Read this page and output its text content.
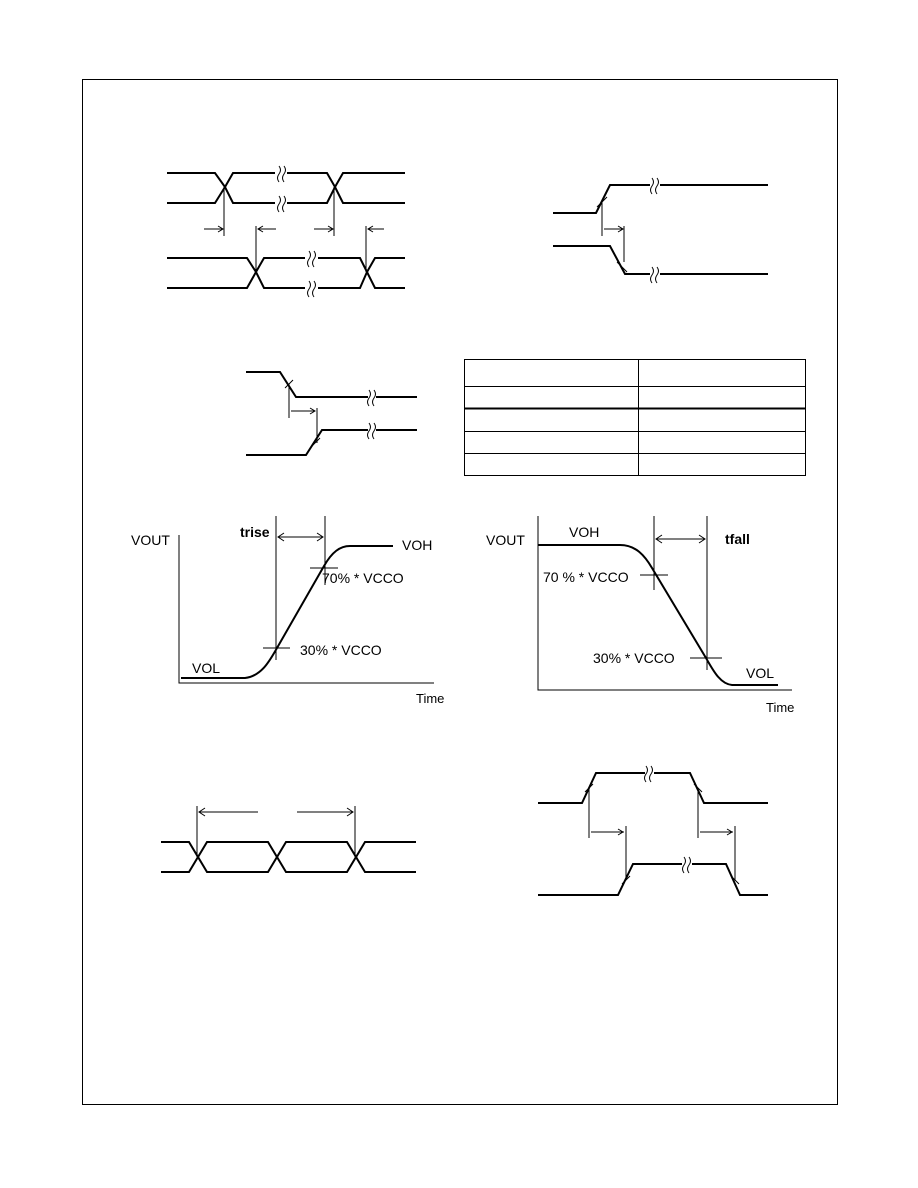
VOUT	trise
VOH
70% * VCCO
30% * VCCO
VOL
Time
VOUT	VOH	tfall
70 % * VCCO
30% * VCCO
VOL
Time
